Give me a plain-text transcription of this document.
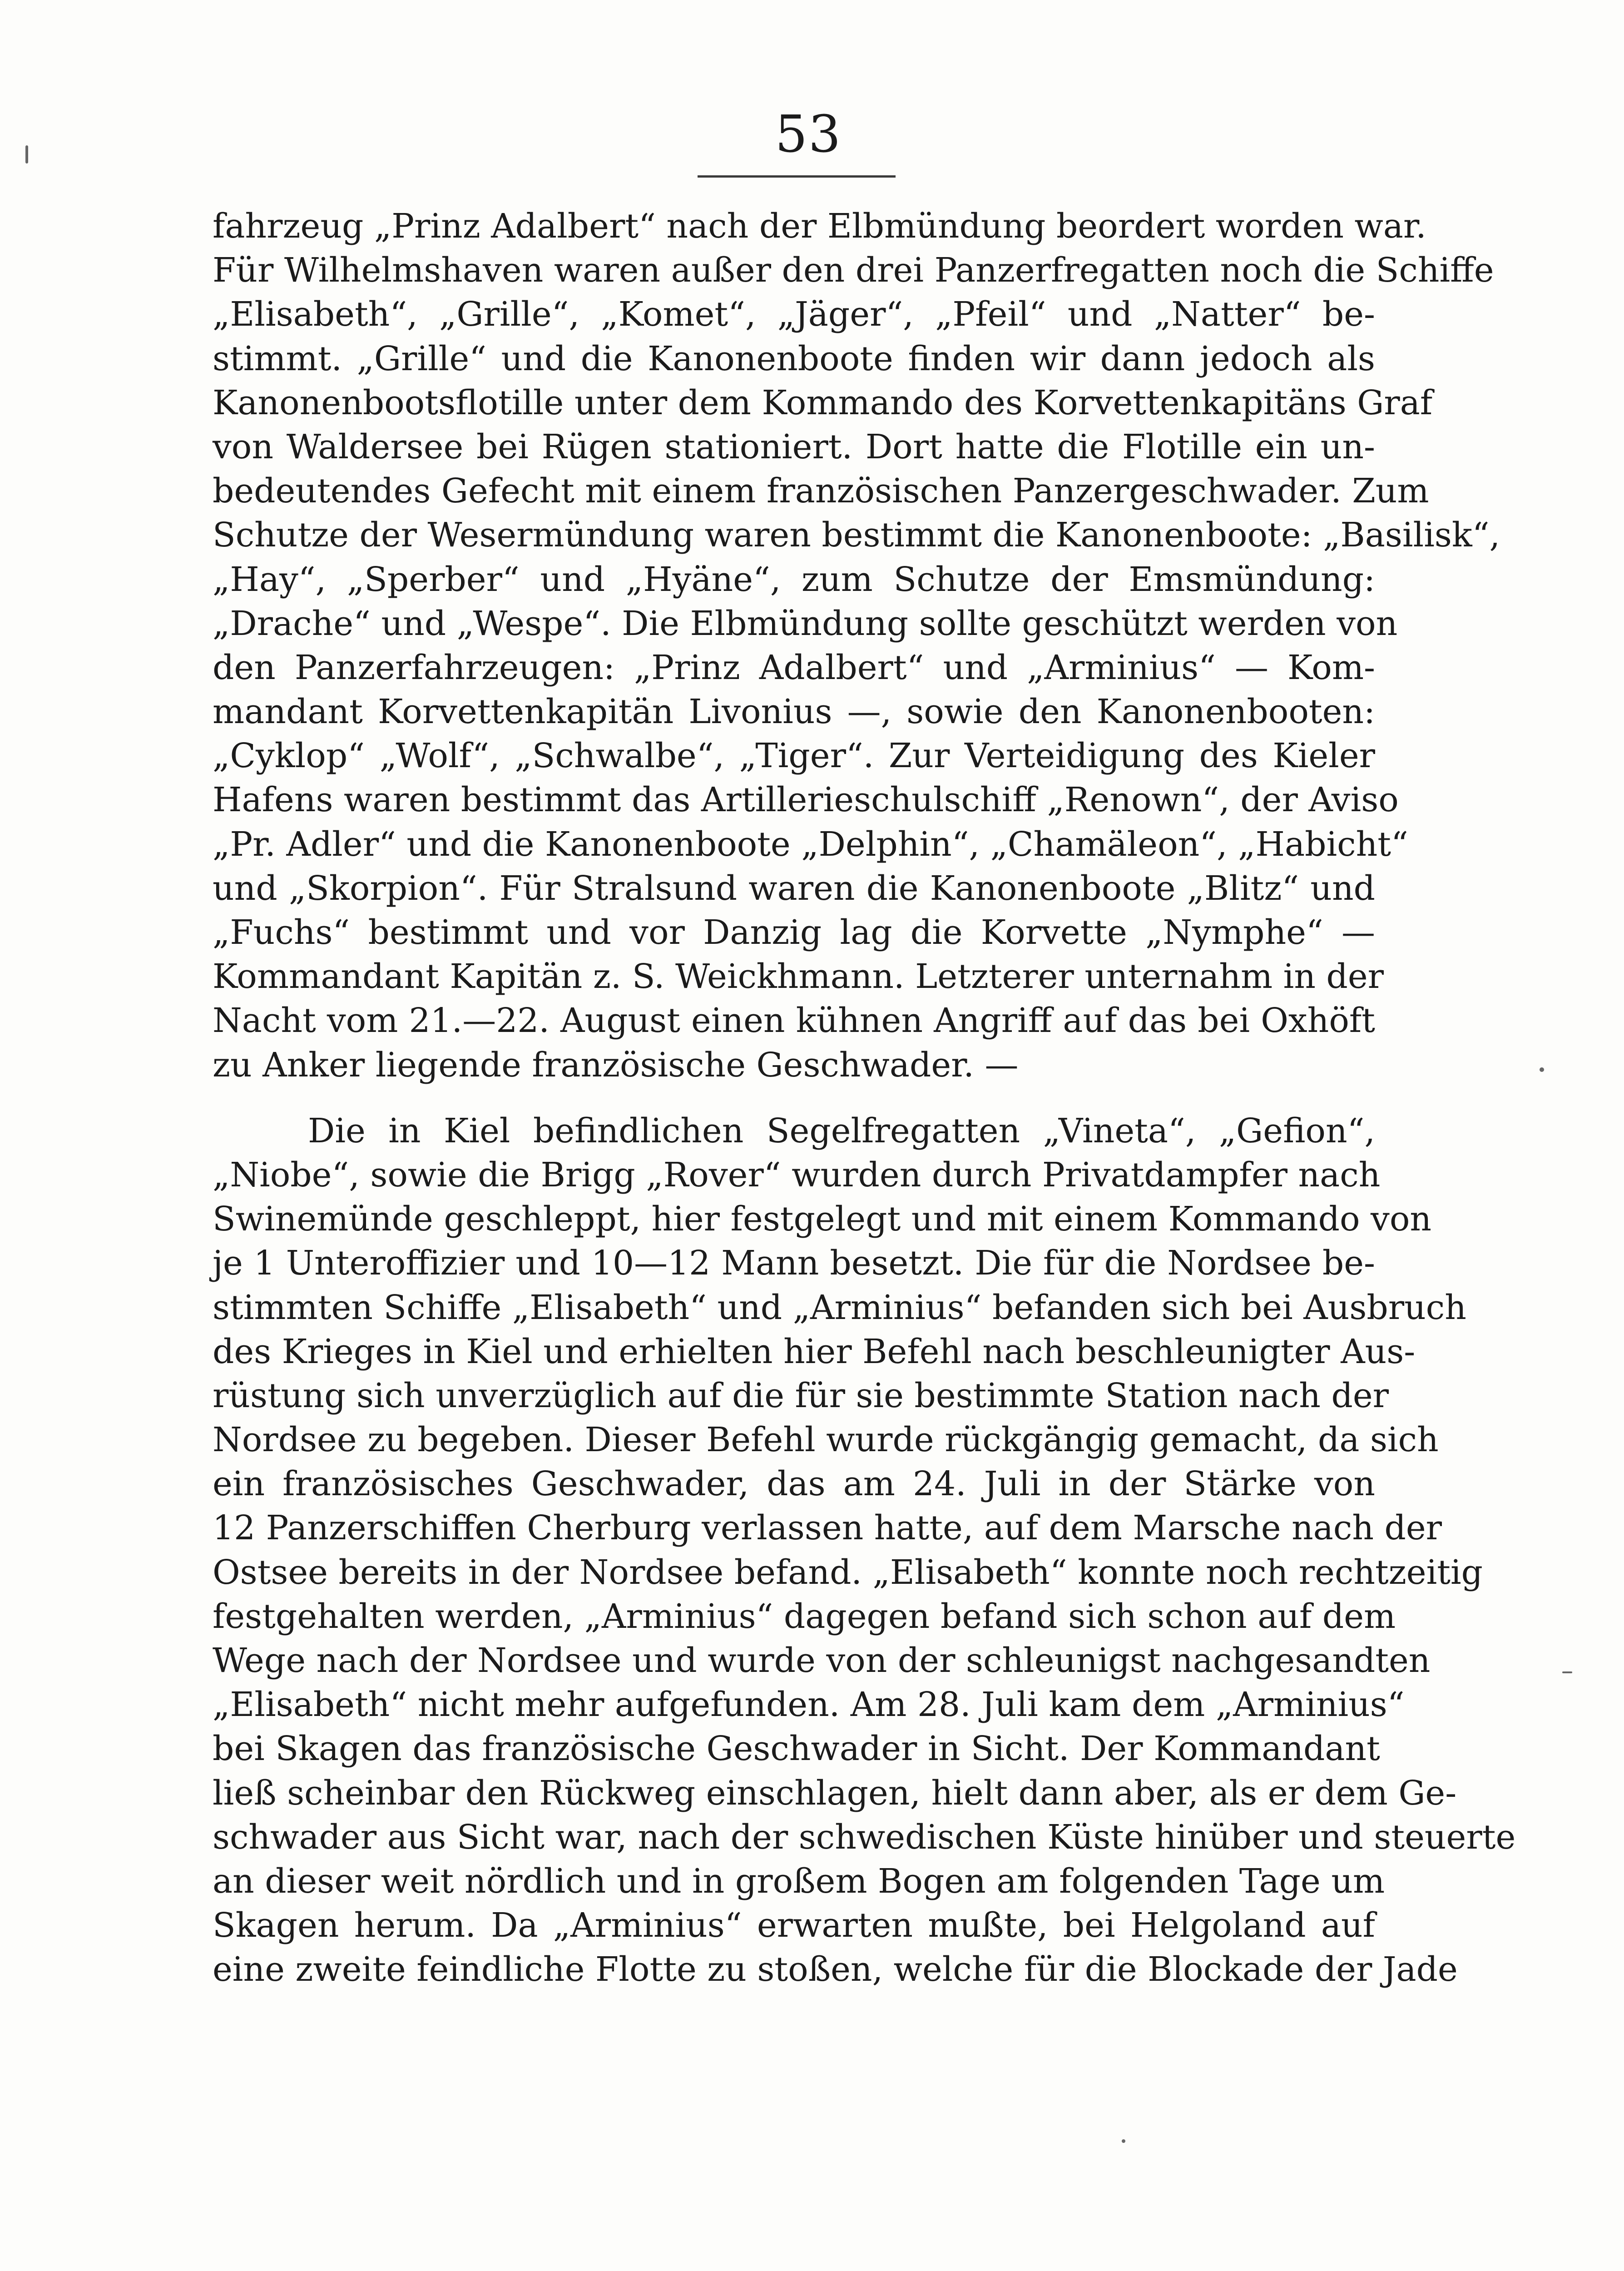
53
fahrzeug „Prinz Adalbert“ nach der Elbmündung beordert worden war.
Für Wilhelmshaven waren außer den drei Panzerfregatten noch die Schiffe
„Elisabeth“, „Grille“, „Komet“, „Jäger“, „Pfeil“ und „Natter“ be-
stimmt. „Grille“ und die Kanonenboote finden wir dann jedoch als
Kanonenbootsflotille unter dem Kommando des Korvettenkapitäns Graf
von Waldersee bei Rügen stationiert. Dort hatte die Flotille ein un-
bedeutendes Gefecht mit einem französischen Panzergeschwader. Zum
Schutze der Wesermündung waren bestimmt die Kanonenboote: „Basilisk“,
„Hay“, „Sperber“ und „Hyäne“, zum Schutze der Emsmündung:
„Drache“ und „Wespe“. Die Elbmündung sollte geschützt werden von
den Panzerfahrzeugen: „Prinz Adalbert“ und „Arminius“ — Kom-
mandant Korvettenkapitän Livonius —, sowie den Kanonenbooten:
„Cyklop“ „Wolf“, „Schwalbe“, „Tiger“. Zur Verteidigung des Kieler
Hafens waren bestimmt das Artillerieschulschiff „Renown“, der Aviso
„Pr. Adler“ und die Kanonenboote „Delphin“, „Chamäleon“, „Habicht“
und „Skorpion“. Für Stralsund waren die Kanonenboote „Blitz“ und
„Fuchs“ bestimmt und vor Danzig lag die Korvette „Nymphe“ —
Kommandant Kapitän z. S. Weickhmann. Letzterer unternahm in der
Nacht vom 21.—22. August einen kühnen Angriff auf das bei Oxhöft
zu Anker liegende französische Geschwader. —
Die in Kiel befindlichen Segelfregatten „Vineta“, „Gefion“,
„Niobe“, sowie die Brigg „Rover“ wurden durch Privatdampfer nach
Swinemünde geschleppt, hier festgelegt und mit einem Kommando von
je 1 Unteroffizier und 10—12 Mann besetzt. Die für die Nordsee be-
stimmten Schiffe „Elisabeth“ und „Arminius“ befanden sich bei Ausbruch
des Krieges in Kiel und erhielten hier Befehl nach beschleunigter Aus-
rüstung sich unverzüglich auf die für sie bestimmte Station nach der
Nordsee zu begeben. Dieser Befehl wurde rückgängig gemacht, da sich
ein französisches Geschwader, das am 24. Juli in der Stärke von
12 Panzerschiffen Cherburg verlassen hatte, auf dem Marsche nach der
Ostsee bereits in der Nordsee befand. „Elisabeth“ konnte noch rechtzeitig
festgehalten werden, „Arminius“ dagegen befand sich schon auf dem
Wege nach der Nordsee und wurde von der schleunigst nachgesandten
„Elisabeth“ nicht mehr aufgefunden. Am 28. Juli kam dem „Arminius“
bei Skagen das französische Geschwader in Sicht. Der Kommandant
ließ scheinbar den Rückweg einschlagen, hielt dann aber, als er dem Ge-
schwader aus Sicht war, nach der schwedischen Küste hinüber und steuerte
an dieser weit nördlich und in großem Bogen am folgenden Tage um
Skagen herum. Da „Arminius“ erwarten mußte, bei Helgoland auf
eine zweite feindliche Flotte zu stoßen, welche für die Blockade der Jade
